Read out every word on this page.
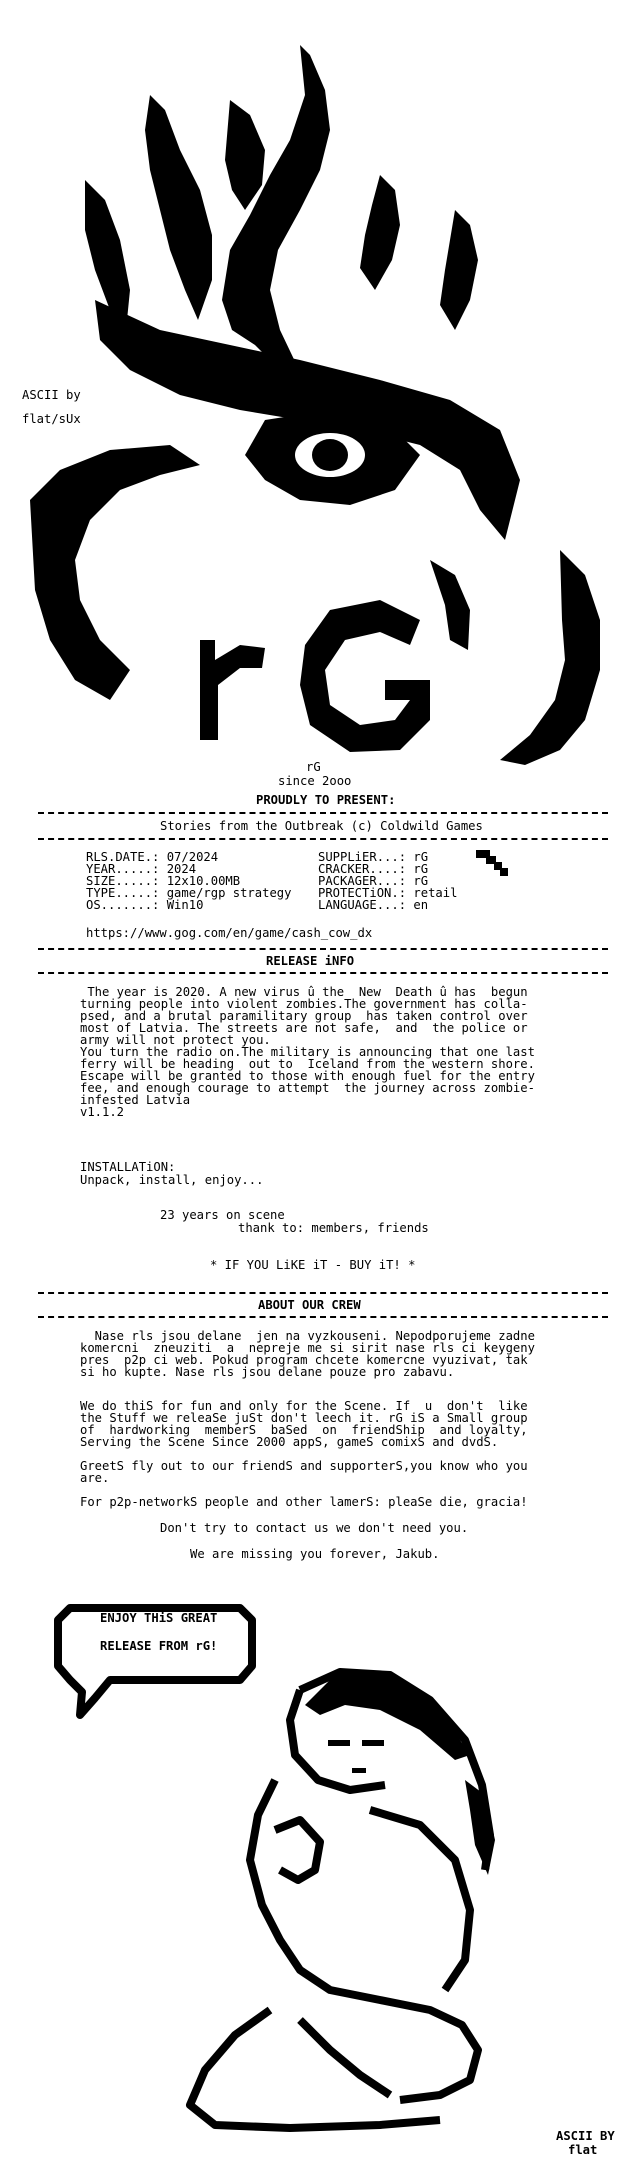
ASCII by
flat/sUx
rG
since 2ooo
PROUDLY TO PRESENT:
Stories from the Outbreak (c) Coldwild Games
RLS.DATE.: 07/2024
YEAR.....: 2024
SIZE.....: 12x10.00MB
TYPE.....: game/rgp strategy
OS.......: Win10
SUPPLiER...: rG
CRACKER....: rG
PACKAGER...: rG
PROTECTiON.: retail
LANGUAGE...: en
https://www.gog.com/en/game/cash_cow_dx
RELEASE iNFO
The year is 2020. A new virus û the  New  Death û has  begun
turning people into violent zombies.The government has colla-
psed, and a brutal paramilitary group  has taken control over
most of Latvia. The streets are not safe,  and  the police or
army will not protect you.
You turn the radio on.The military is announcing that one last
ferry will be heading  out to  Iceland from the western shore.
Escape will be granted to those with enough fuel for the entry
fee, and enough courage to attempt  the journey across zombie-
infested Latvia
v1.1.2
INSTALLATiON:
Unpack, install, enjoy...
23 years on scene
thank to: members, friends
* IF YOU LiKE iT - BUY iT! *
ABOUT OUR CREW
Nase rls jsou delane  jen na vyzkouseni. Nepodporujeme zadne
komercni  zneuziti  a  nepreje me si sirit nase rls ci keygeny
pres  p2p ci web. Pokud program chcete komercne vyuzivat, tak
si ho kupte. Nase rls jsou delane pouze pro zabavu.
We do thiS for fun and only for the Scene. If  u  don't  like
the Stuff we releaSe juSt don't leech it. rG iS a Small group
of  hardworking  memberS  baSed  on  friendShip  and loyalty,
Serving the Scene Since 2000 appS, gameS comixS and dvdS.
GreetS fly out to our friendS and supporterS,you know who you
are.
For p2p-networkS people and other lamerS: pleaSe die, gracia!
Don't try to contact us we don't need you.
We are missing you forever, Jakub.
ENJOY THiS GREAT
RELEASE FROM rG!
ASCII BY
flat
